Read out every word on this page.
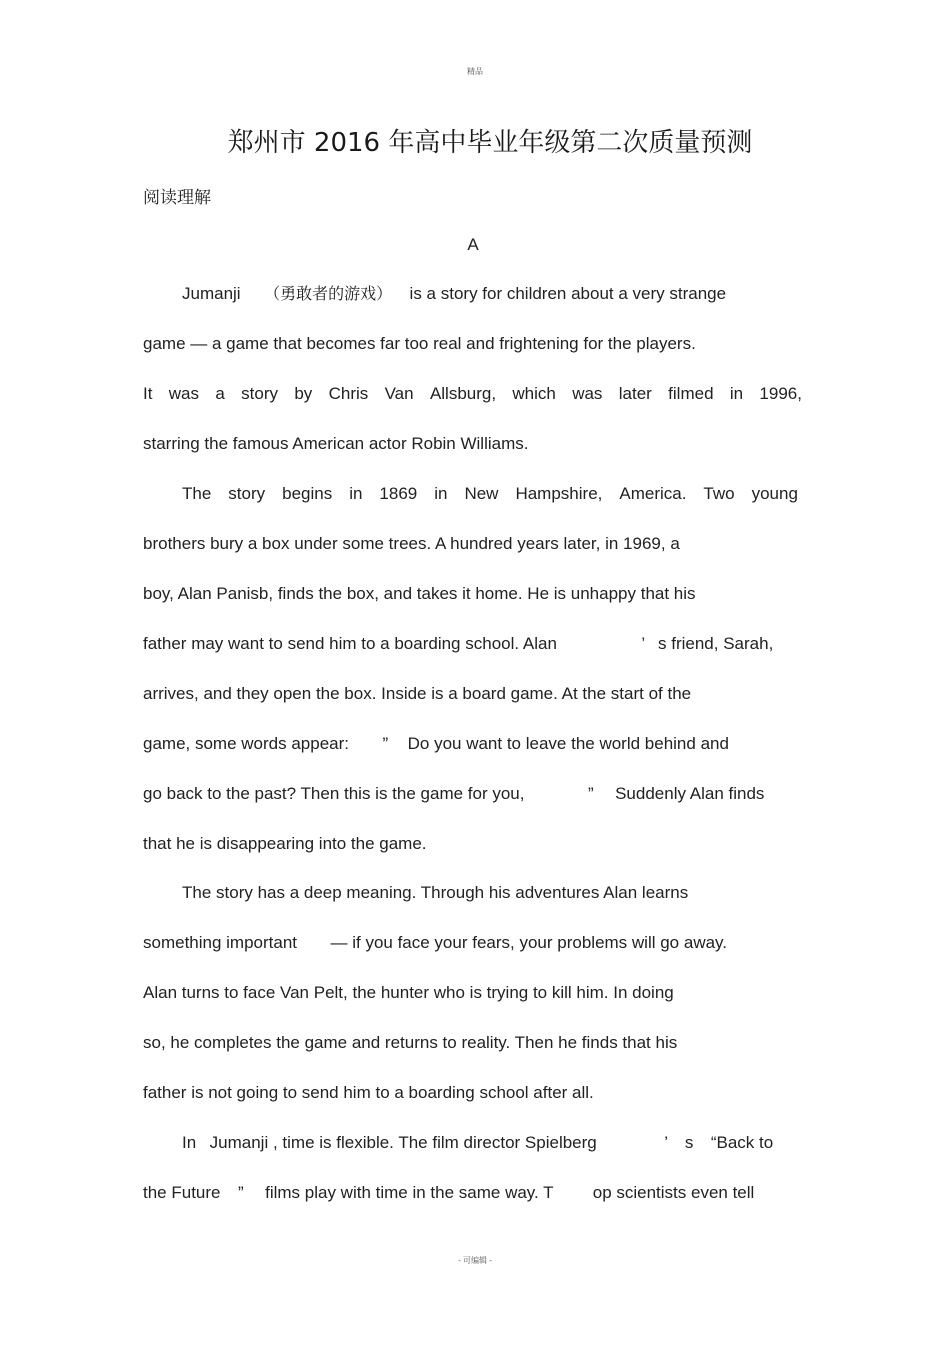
精品
郑州市 2016 年高中毕业年级第二次质量预测
阅读理解
A
Jumanji （勇敢者的游戏） is a story for children about a very strange
game — a game that becomes far too real and frightening for the players.
It was a story by Chris Van Allsburg, which was later filmed in 1996,
starring the famous American actor Robin Williams.
The story begins in 1869 in New Hampshire, America. Two young
brothers bury a box under some trees. A hundred years later, in 1969, a
boy, Alan Panisb, finds the box, and takes it home. He is unhappy that his
father may want to send him to a boarding school. Alan	’ s friend, Sarah,
arrives, and they open the box. Inside is a board game. At the start of the
game, some words appear: ” Do you want to leave the world behind and
go back to the past? Then this is the game for you,	” Suddenly Alan finds
that he is disappearing into the game.
The story has a deep meaning. Through his adventures Alan learns
something important — if you face your fears, your problems will go away.
Alan turns to face Van Pelt, the hunter who is trying to kill him. In doing
so, he completes the game and returns to reality. Then he finds that his
father is not going to send him to a boarding school after all.
In Jumanji , time is flexible. The film director Spielberg	’ s “Back to
the Future ” films play with time in the same way. T op scientists even tell
- 可编辑 -
